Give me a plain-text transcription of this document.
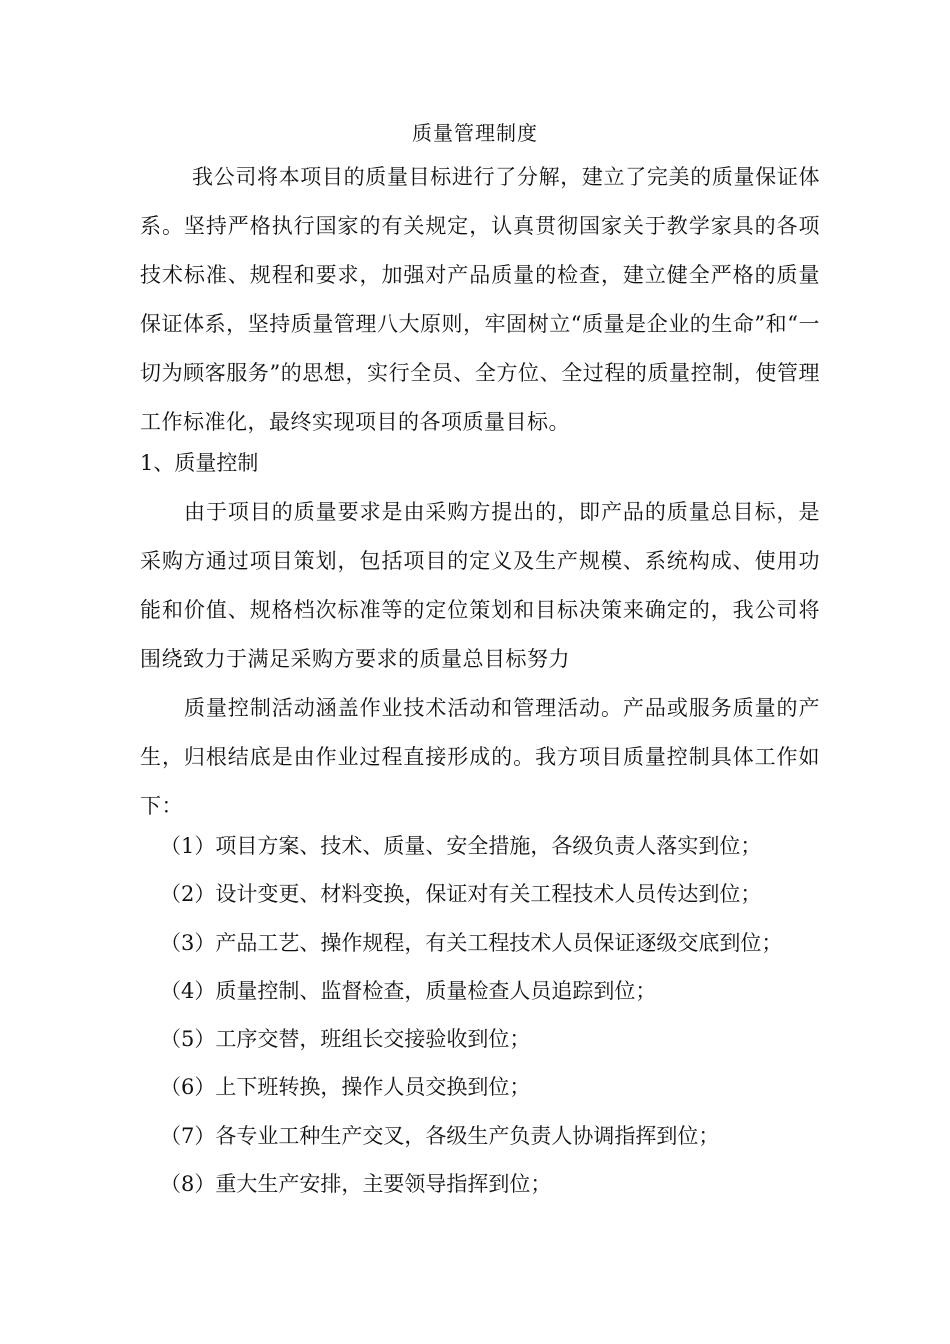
质量管理制度
我公司将本项目的质量目标进行了分解，建立了完美的质量保证体系。坚持严格执行国家的有关规定，认真贯彻国家关于教学家具的各项技术标准、规程和要求，加强对产品质量的检查，建立健全严格的质量保证体系，坚持质量管理八大原则，牢固树立“质量是企业的生命”和“一切为顾客服务”的思想，实行全员、全方位、全过程的质量控制，使管理工作标准化，最终实现项目的各项质量目标。
1、质量控制
由于项目的质量要求是由采购方提出的，即产品的质量总目标，是采购方通过项目策划，包括项目的定义及生产规模、系统构成、使用功能和价值、规格档次标准等的定位策划和目标决策来确定的，我公司将围绕致力于满足采购方要求的质量总目标努力
质量控制活动涵盖作业技术活动和管理活动。产品或服务质量的产生，归根结底是由作业过程直接形成的。我方项目质量控制具体工作如下：
（1）项目方案、技术、质量、安全措施，各级负责人落实到位；
（2）设计变更、材料变换，保证对有关工程技术人员传达到位；
（3）产品工艺、操作规程，有关工程技术人员保证逐级交底到位；
（4）质量控制、监督检查，质量检查人员追踪到位；
（5）工序交替，班组长交接验收到位；
（6）上下班转换，操作人员交换到位；
（7）各专业工种生产交叉，各级生产负责人协调指挥到位；
（8）重大生产安排，主要领导指挥到位；
